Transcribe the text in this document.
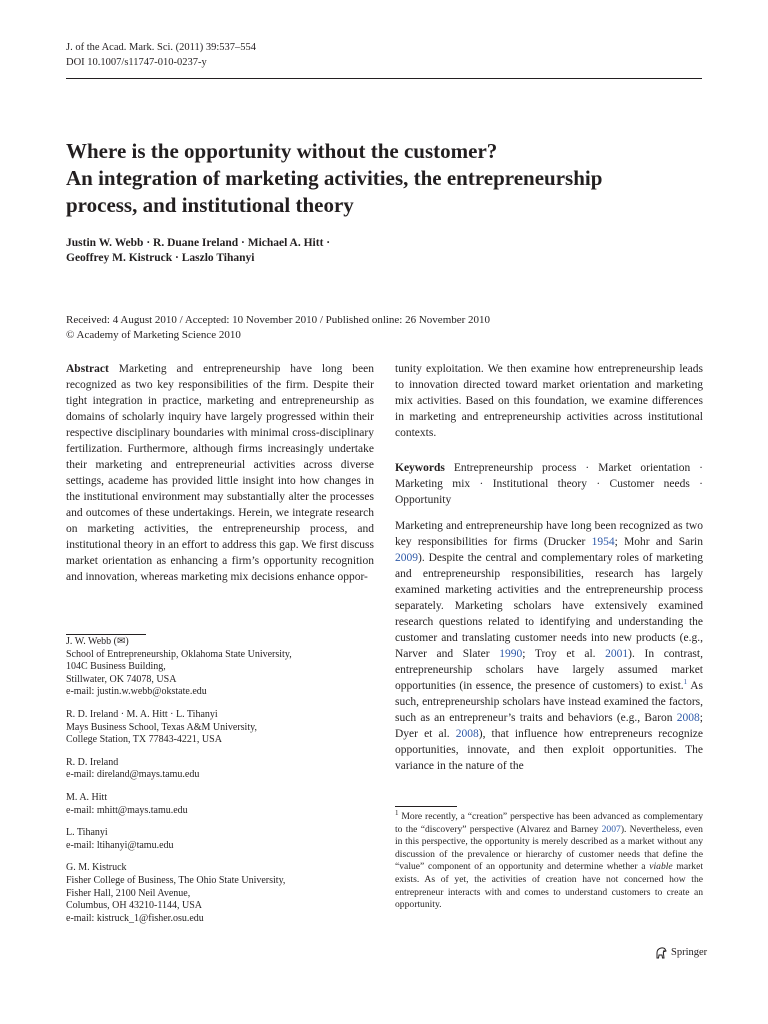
J. of the Acad. Mark. Sci. (2011) 39:537–554
DOI 10.1007/s11747-010-0237-y
Where is the opportunity without the customer?
An integration of marketing activities, the entrepreneurship
process, and institutional theory
Justin W. Webb · R. Duane Ireland · Michael A. Hitt ·
Geoffrey M. Kistruck · Laszlo Tihanyi
Received: 4 August 2010 / Accepted: 10 November 2010 / Published online: 26 November 2010
© Academy of Marketing Science 2010

Abstract Marketing and entrepreneurship have long been recognized as two key responsibilities of the firm. Despite their tight integration in practice, marketing and entrepreneurship as domains of scholarly inquiry have largely progressed within their respective disciplinary boundaries with minimal cross-disciplinary fertilization. Furthermore, although firms increasingly undertake their marketing and entrepreneurial activities across diverse settings, academe has provided little insight into how changes in the institutional environment may substantially alter the processes and outcomes of these undertakings. Herein, we integrate research on marketing activities, the entrepreneurship process, and institutional theory in an effort to address this gap. We first discuss market orientation as enhancing a firm’s opportunity recognition and innovation, whereas marketing mix decisions enhance oppor-

tunity exploitation. We then examine how entrepreneurship leads to innovation directed toward market orientation and marketing mix activities. Based on this foundation, we examine differences in marketing and entrepreneurship activities across institutional contexts.

Keywords Entrepreneurship process · Market orientation · Marketing mix · Institutional theory · Customer needs · Opportunity

Marketing and entrepreneurship have long been recognized as two key responsibilities for firms (Drucker 1954; Mohr and Sarin 2009). Despite the central and complementary roles of marketing and entrepreneurship responsibilities, research has largely examined marketing activities and the entrepreneurship process separately. Marketing scholars have extensively examined research questions related to identifying and understanding the customer and translating customer needs into new products (e.g., Narver and Slater 1990; Troy et al. 2001). In contrast, entrepreneurship scholars have largely assumed market opportunities (in essence, the presence of customers) to exist.$^1$ As such, entrepreneurship scholars have instead examined the factors, such as an entrepreneur’s traits and behaviors (e.g., Baron 2008; Dyer et al. 2008), that influence how entrepreneurs recognize opportunities, innovate, and then exploit opportunities. The variance in the nature of the

J. W. Webb (✉)
School of Entrepreneurship, Oklahoma State University,
104C Business Building,
Stillwater, OK 74078, USA
e-mail: justin.w.webb@okstate.edu
R. D. Ireland · M. A. Hitt · L. Tihanyi
Mays Business School, Texas A&M University,
College Station, TX 77843-4221, USA
R. D. Ireland
e-mail: direland@mays.tamu.edu
M. A. Hitt
e-mail: mhitt@mays.tamu.edu
L. Tihanyi
e-mail: ltihanyi@tamu.edu
G. M. Kistruck
Fisher College of Business, The Ohio State University,
Fisher Hall, 2100 Neil Avenue,
Columbus, OH 43210-1144, USA
e-mail: kistruck_1@fisher.osu.edu

$^1$ More recently, a “creation” perspective has been advanced as complementary to the “discovery” perspective (Alvarez and Barney 2007). Nevertheless, even in this perspective, the opportunity is merely described as a market without any discussion of the prevalence or hierarchy of customer needs that define the “value” component of an opportunity and determine whether a viable market exists. As of yet, the activities of creation have not concerned how the entrepreneur interacts with and comes to understand customers to create an opportunity.

Springer
